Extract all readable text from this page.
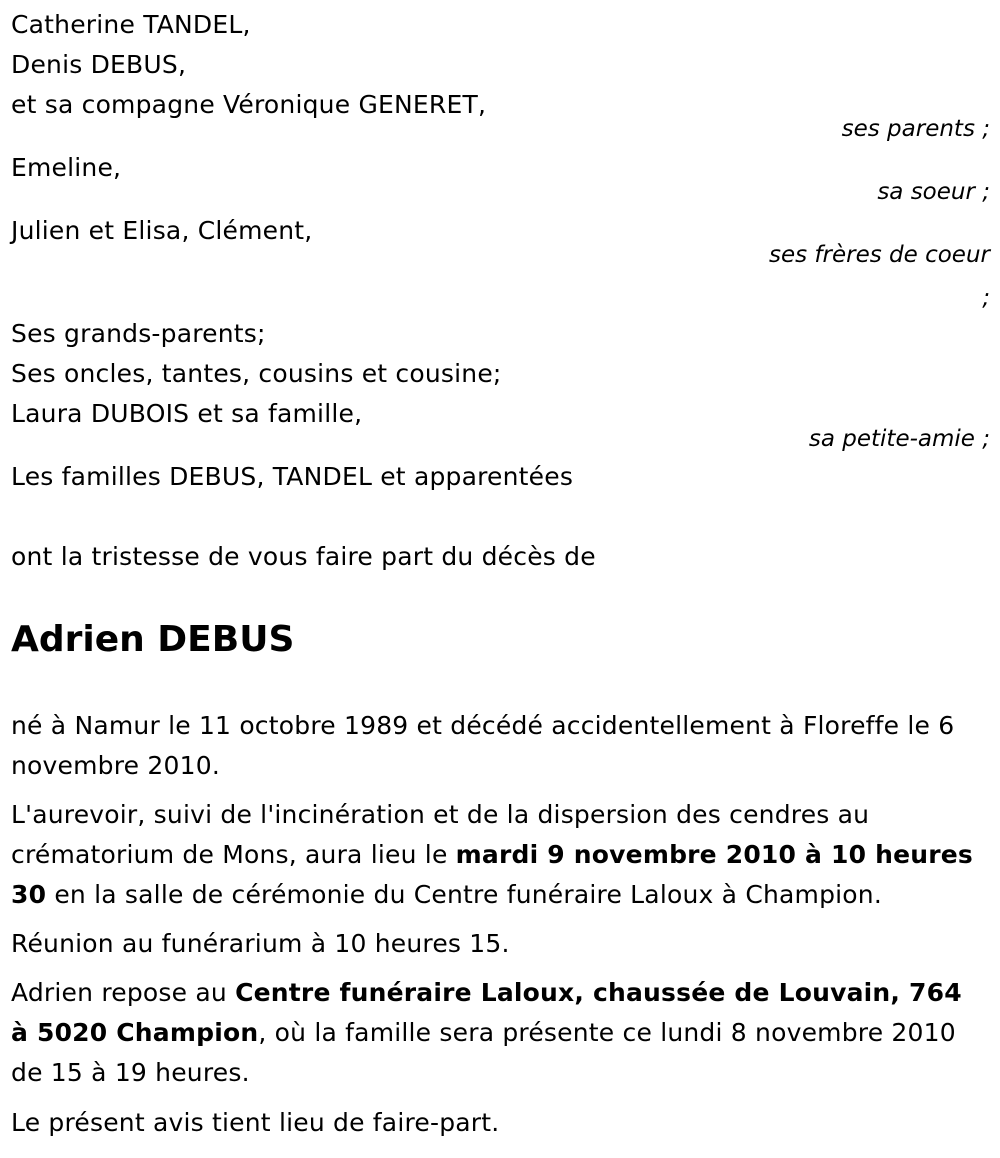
Catherine TANDEL,
Denis DEBUS,
et sa compagne Véronique GENERET,
ses parents ;
Emeline,
sa soeur ;
Julien et Elisa, Clément,
ses frères de coeur
;
Ses grands-parents;
Ses oncles, tantes, cousins et cousine;
Laura DUBOIS et sa famille,
sa petite-amie ;
Les familles DEBUS, TANDEL et apparentées
ont la tristesse de vous faire part du décès de
Adrien DEBUS
né à Namur le 11 octobre 1989 et décédé accidentellement à Floreffe le 6 novembre 2010.
L'aurevoir, suivi de l'incinération et de la dispersion des cendres au crématorium de Mons, aura lieu le mardi 9 novembre 2010 à 10 heures 30 en la salle de cérémonie du Centre funéraire Laloux à Champion.
Réunion au funérarium à 10 heures 15.
Adrien repose au Centre funéraire Laloux, chaussée de Louvain, 764 à 5020 Champion, où la famille sera présente ce lundi 8 novembre 2010 de 15 à 19 heures.
Le présent avis tient lieu de faire-part.
